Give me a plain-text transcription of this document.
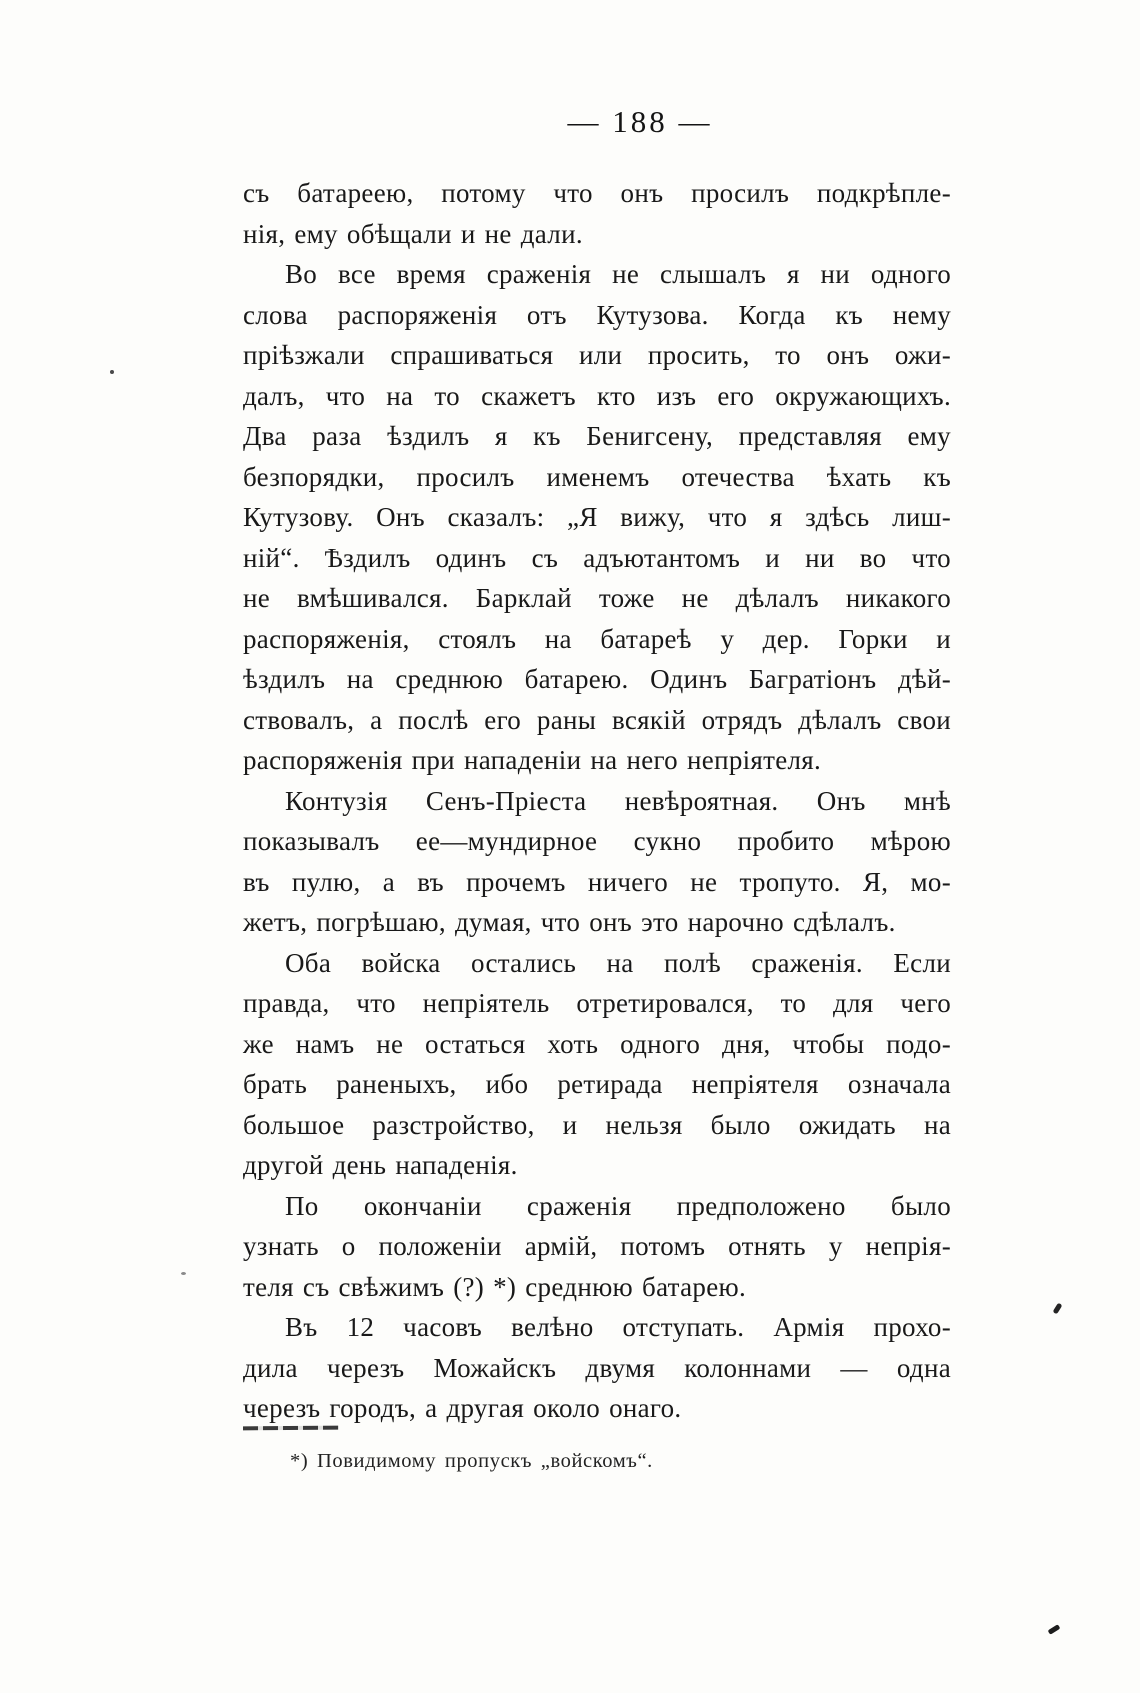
— 188 —
съ батареею, потому что онъ просилъ подкрѣпле-
нія, ему обѣщали и не дали.
Во все время сраженія не слышалъ я ни одного
слова распоряженія отъ Кутузова. Когда къ нему
пріѣзжали спрашиваться или просить, то онъ ожи-
далъ, что на то скажетъ кто изъ его окружающихъ.
Два раза ѣздилъ я къ Бенигсену, представляя ему
безпорядки, просилъ именемъ отечества ѣхать къ
Кутузову. Онъ сказалъ: „Я вижу, что я здѣсь лиш-
ній“. Ѣздилъ одинъ съ адъютантомъ и ни во что
не вмѣшивался. Барклай тоже не дѣлалъ никакого
распоряженія, стоялъ на батареѣ у дер. Горки и
ѣздилъ на среднюю батарею. Одинъ Багратіонъ дѣй-
ствовалъ, а послѣ его раны всякій отрядъ дѣлалъ свои
распоряженія при нападеніи на него непріятеля.
Контузія Сенъ-Пріеста невѣроятная. Онъ мнѣ
показывалъ ее—мундирное сукно пробито мѣрою
въ пулю, а въ прочемъ ничего не тропуто. Я, мо-
жетъ, погрѣшаю, думая, что онъ это нарочно сдѣлалъ.
Оба войска остались на полѣ сраженія. Если
правда, что непріятель отретировался, то для чего
же намъ не остаться хоть одного дня, чтобы подо-
брать раненыхъ, ибо ретирада непріятеля означала
большое разстройство, и нельзя было ожидать на
другой день нападенія.
По окончаніи сраженія предположено было
узнать о положеніи армій, потомъ отнять у непрія-
теля съ свѣжимъ (?) *) среднюю батарею.
Въ 12 часовъ велѣно отступать. Армія прохо-
дила черезъ Можайскъ двумя колоннами — одна
черезъ городъ, а другая около онаго.
*) Повидимому пропускъ „войскомъ“.
